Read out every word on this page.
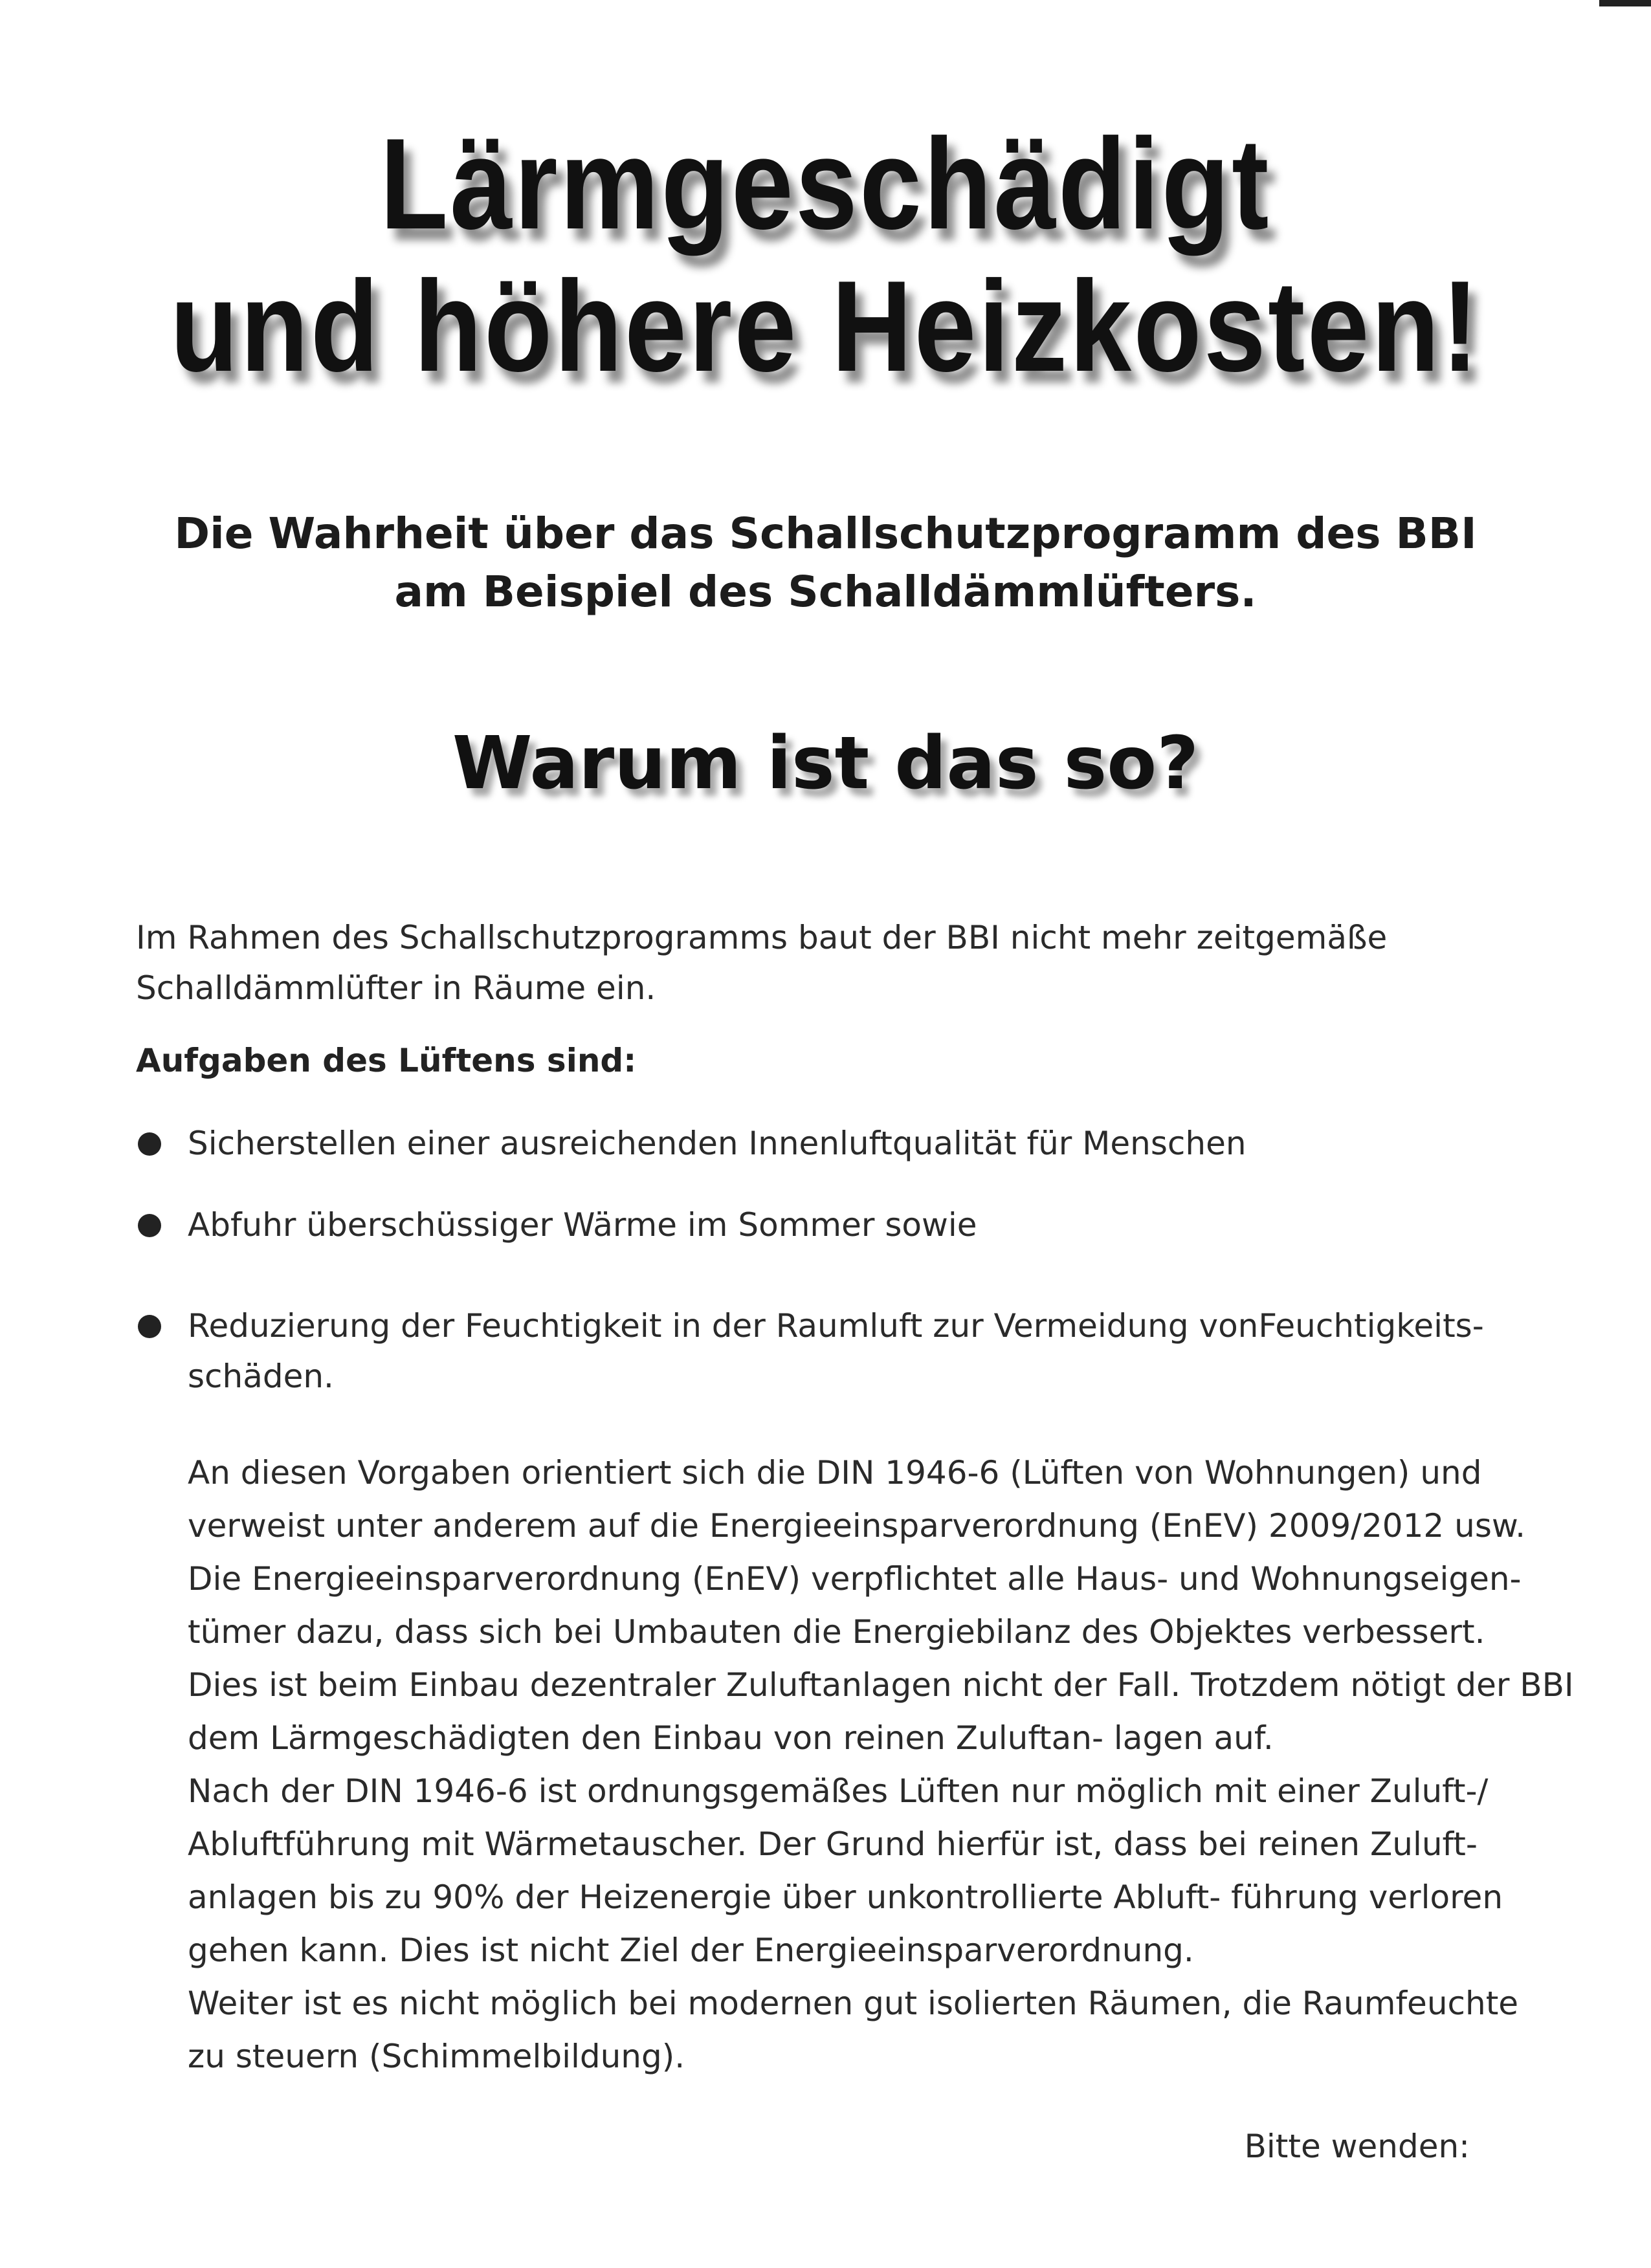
Lärmgeschädigt
und höhere Heizkosten!
Die Wahrheit über das Schallschutzprogramm des BBI
am Beispiel des Schalldämmlüfters.
Warum ist das so?
Im Rahmen des Schallschutzprogramms baut der BBI nicht mehr zeitgemäße
Schalldämmlüfter in Räume ein.
Aufgaben des Lüftens sind:
Sicherstellen einer ausreichenden Innenluftqualität für Menschen
Abfuhr überschüssiger Wärme im Sommer sowie
Reduzierung der Feuchtigkeit in der Raumluft zur Vermeidung vonFeuchtigkeits-
schäden.
An diesen Vorgaben orientiert sich die DIN 1946-6 (Lüften von Wohnungen) und
verweist unter anderem auf die Energieeinsparverordnung (EnEV) 2009/2012 usw.
Die Energieeinsparverordnung (EnEV) verpflichtet alle Haus- und Wohnungseigen-
tümer dazu, dass sich bei Umbauten die Energiebilanz des Objektes verbessert.
Dies ist beim Einbau dezentraler Zuluftanlagen nicht der Fall. Trotzdem nötigt der BBI
dem Lärmgeschädigten den Einbau von reinen Zuluftan- lagen auf.
Nach der DIN 1946-6 ist ordnungsgemäßes Lüften nur möglich mit einer Zuluft-/
Abluftführung mit Wärmetauscher. Der Grund hierfür ist, dass bei reinen Zuluft-
anlagen bis zu 90% der Heizenergie über unkontrollierte Abluft- führung verloren
gehen kann. Dies ist nicht Ziel der Energieeinsparverordnung.
Weiter ist es nicht möglich bei modernen gut isolierten Räumen, die Raumfeuchte
zu steuern (Schimmelbildung).
Bitte wenden:
